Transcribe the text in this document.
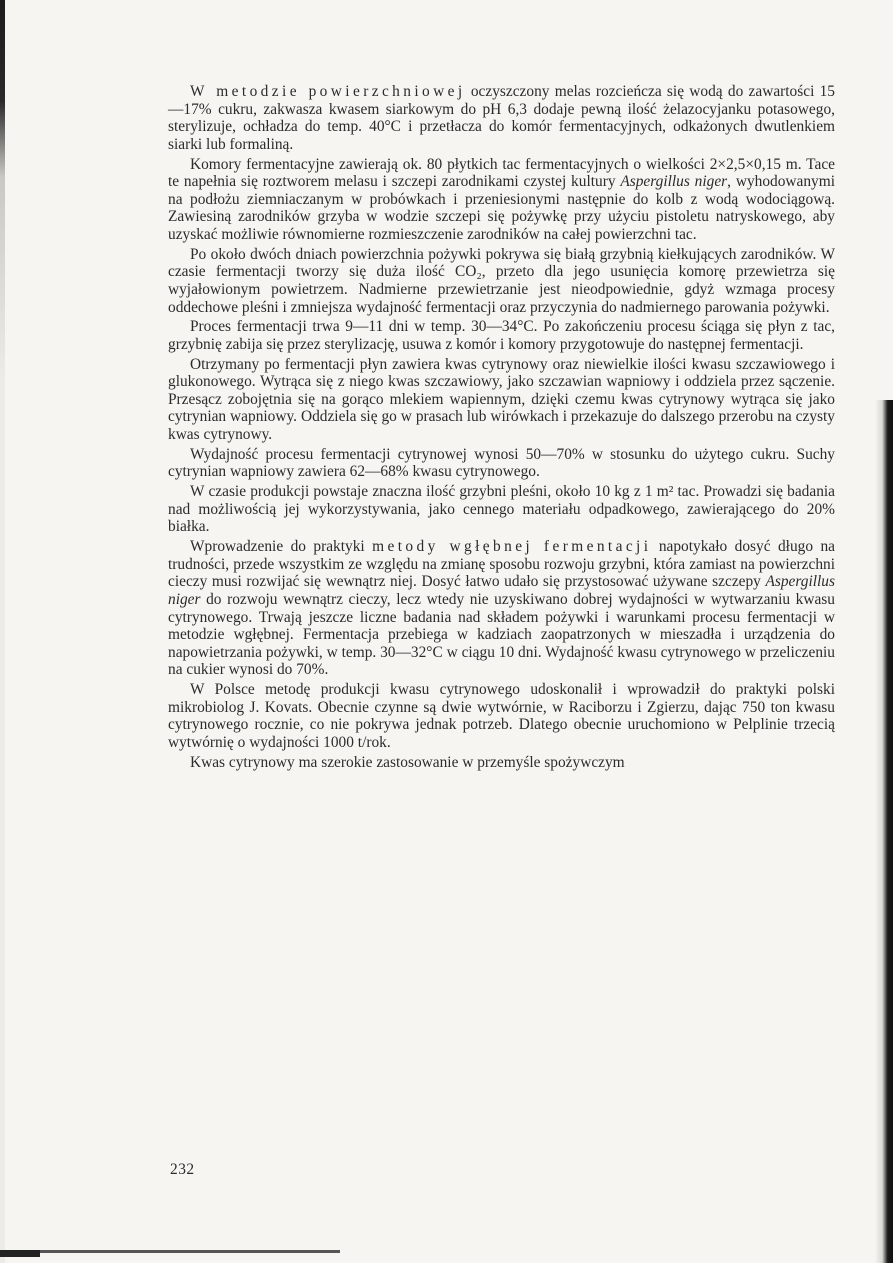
W metodzie powierzchniowej oczyszczony melas rozcieńcza się wodą do zawartości 15—17% cukru, zakwasza kwasem siarkowym do pH 6,3 dodaje pewną ilość żelazocyjanku potasowego, sterylizuje, ochładza do temp. 40°C i przetłacza do komór fermentacyjnych, odkażonych dwutlenkiem siarki lub formaliną.

Komory fermentacyjne zawierają ok. 80 płytkich tac fermentacyjnych o wielkości 2×2,5×0,15 m. Tace te napełnia się roztworem melasu i szczepi zarodnikami czystej kultury Aspergillus niger, wyhodowanymi na podłożu ziemniaczanym w probówkach i przeniesionymi następnie do kolb z wodą wodociągową. Zawiesiną zarodników grzyba w wodzie szczepi się pożywkę przy użyciu pistoletu natryskowego, aby uzyskać możliwie równomierne rozmieszczenie zarodników na całej powierzchni tac.

Po około dwóch dniach powierzchnia pożywki pokrywa się białą grzybnią kiełkujących zarodników. W czasie fermentacji tworzy się duża ilość CO₂, przeto dla jego usunięcia komorę przewietrza się wyjałowionym powietrzem. Nadmierne przewietrzanie jest nieodpowiednie, gdyż wzmaga procesy oddechowe pleśni i zmniejsza wydajność fermentacji oraz przyczynia do nadmiernego parowania pożywki.

Proces fermentacji trwa 9—11 dni w temp. 30—34°C. Po zakończeniu procesu ściąga się płyn z tac, grzybnię zabija się przez sterylizację, usuwa z komór i komory przygotowuje do następnej fermentacji.

Otrzymany po fermentacji płyn zawiera kwas cytrynowy oraz niewielkie ilości kwasu szczawiowego i glukonowego. Wytrąca się z niego kwas szczawiowy, jako szczawian wapniowy i oddziela przez sączenie. Przesącz zobojętnia się na gorąco mlekiem wapiennym, dzięki czemu kwas cytrynowy wytrąca się jako cytrynian wapniowy. Oddziela się go w prasach lub wirówkach i przekazuje do dalszego przerobu na czysty kwas cytrynowy.

Wydajność procesu fermentacji cytrynowej wynosi 50—70% w stosunku do użytego cukru. Suchy cytrynian wapniowy zawiera 62—68% kwasu cytrynowego.

W czasie produkcji powstaje znaczna ilość grzybni pleśni, około 10 kg z 1 m² tac. Prowadzi się badania nad możliwością jej wykorzystywania, jako cennego materiału odpadkowego, zawierającego do 20% białka.

Wprowadzenie do praktyki metody wgłębnej fermentacji napotykało dosyć długo na trudności, przede wszystkim ze względu na zmianę sposobu rozwoju grzybni, która zamiast na powierzchni cieczy musi rozwijać się wewnątrz niej. Dosyć łatwo udało się przystosować używane szczepy Aspergillus niger do rozwoju wewnątrz cieczy, lecz wtedy nie uzyskiwano dobrej wydajności w wytwarzaniu kwasu cytrynowego. Trwają jeszcze liczne badania nad składem pożywki i warunkami procesu fermentacji w metodzie wgłębnej. Fermentacja przebiega w kadziach zaopatrzonych w mieszadła i urządzenia do napowietrzania pożywki, w temp. 30—32°C w ciągu 10 dni. Wydajność kwasu cytrynowego w przeliczeniu na cukier wynosi do 70%.

W Polsce metodę produkcji kwasu cytrynowego udoskonalił i wprowadził do praktyki polski mikrobiolog J. Kovats. Obecnie czynne są dwie wytwórnie, w Raciborzu i Zgierzu, dając 750 ton kwasu cytrynowego rocznie, co nie pokrywa jednak potrzeb. Dlatego obecnie uruchomiono w Pelplinie trzecią wytwórnię o wydajności 1000 t/rok.

Kwas cytrynowy ma szerokie zastosowanie w przemyśle spożywczym

232
